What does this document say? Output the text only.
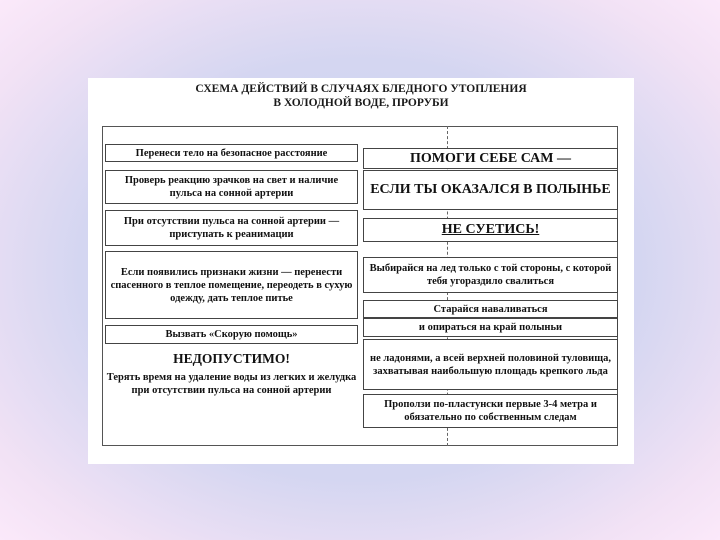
СХЕМА ДЕЙСТВИЙ В СЛУЧАЯХ БЛЕДНОГО УТОПЛЕНИЯ
В ХОЛОДНОЙ ВОДЕ, ПРОРУБИ
Перенеси тело на безопасное расстояние
Проверь реакцию зрачков на свет и наличие пульса на сонной артерии
При отсутствии пульса на сонной артерии — приступать к реанимации
Если появились признаки жизни — перенести спасенного в теплое помещение, переодеть в сухую одежду, дать теплое питье
Вызвать «Скорую помощь»
НЕДОПУСТИМО!
Терять время на удаление воды из легких и желудка при отсутствии пульса на сонной артерии
ПОМОГИ СЕБЕ САМ —
ЕСЛИ ТЫ ОКАЗАЛСЯ В ПОЛЫНЬЕ
НЕ СУЕТИСЬ!
Выбирайся на лед только с той стороны, с которой тебя угораздило свалиться
Старайся наваливаться
и опираться на край полыньи
не ладонями, а всей верхней половиной туловища, захватывая наибольшую площадь крепкого льда
Проползи по-пластунски первые 3-4 метра и обязательно по собственным следам
